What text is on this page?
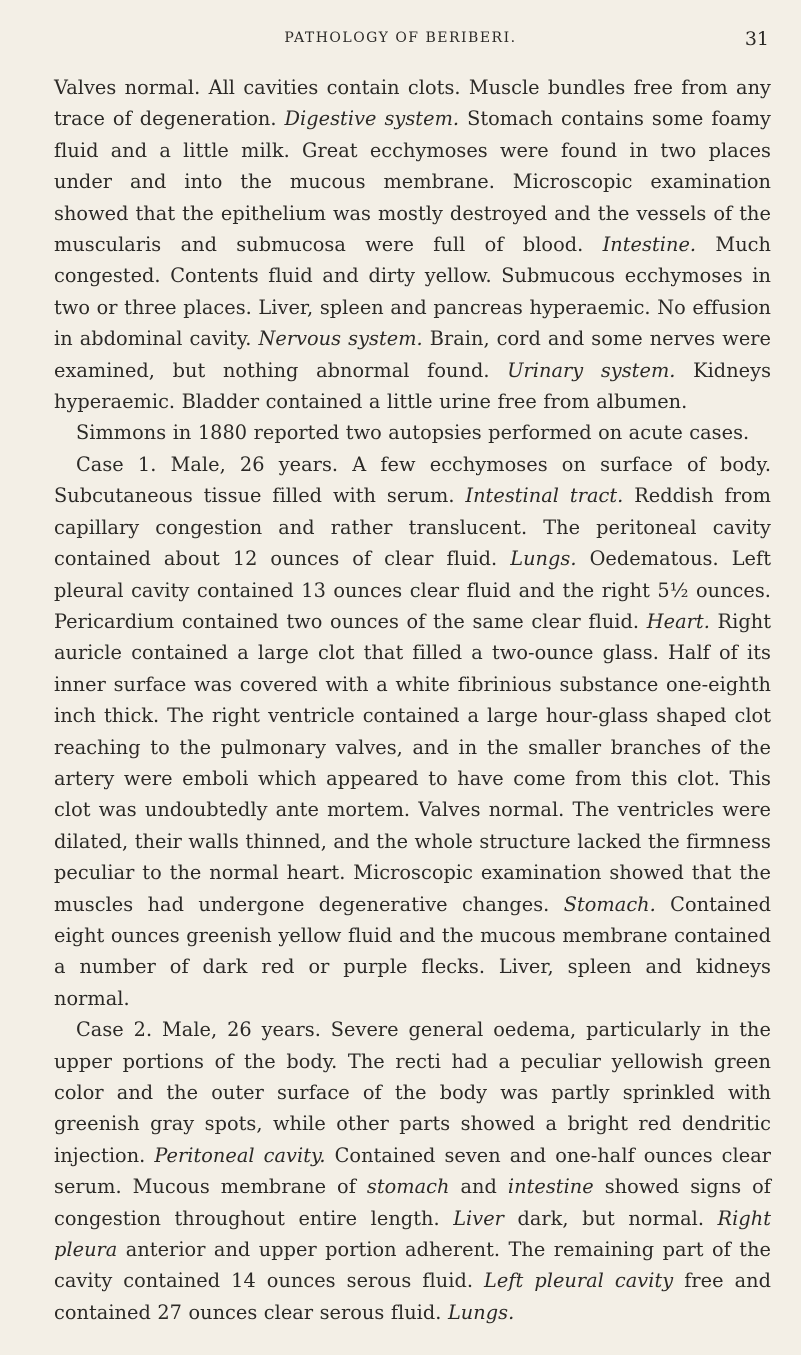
PATHOLOGY OF BERIBERI.	31

Valves normal. All cavities contain clots. Muscle bundles free from any trace of degeneration. Digestive system. Stomach contains some foamy fluid and a little milk. Great ecchymoses were found in two places under and into the mucous membrane. Microscopic examination showed that the epithelium was mostly destroyed and the vessels of the muscularis and submucosa were full of blood. Intestine. Much congested. Contents fluid and dirty yellow. Submucous ecchymoses in two or three places. Liver, spleen and pancreas hyperaemic. No effusion in abdominal cavity. Nervous system. Brain, cord and some nerves were examined, but nothing abnormal found. Urinary system. Kidneys hyperaemic. Bladder contained a little urine free from albumen.

Simmons in 1880 reported two autopsies performed on acute cases.

Case 1. Male, 26 years. A few ecchymoses on surface of body. Subcutaneous tissue filled with serum. Intestinal tract. Reddish from capillary congestion and rather translucent. The peritoneal cavity contained about 12 ounces of clear fluid. Lungs. Oedematous. Left pleural cavity contained 13 ounces clear fluid and the right 5½ ounces. Pericardium contained two ounces of the same clear fluid. Heart. Right auricle contained a large clot that filled a two-ounce glass. Half of its inner surface was covered with a white fibrinious substance one-eighth inch thick. The right ventricle contained a large hour-glass shaped clot reaching to the pulmonary valves, and in the smaller branches of the artery were emboli which appeared to have come from this clot. This clot was undoubtedly ante mortem. Valves normal. The ventricles were dilated, their walls thinned, and the whole structure lacked the firmness peculiar to the normal heart. Microscopic examination showed that the muscles had undergone degenerative changes. Stomach. Contained eight ounces greenish yellow fluid and the mucous membrane contained a number of dark red or purple flecks. Liver, spleen and kidneys normal.

Case 2. Male, 26 years. Severe general oedema, particularly in the upper portions of the body. The recti had a peculiar yellowish green color and the outer surface of the body was partly sprinkled with greenish gray spots, while other parts showed a bright red dendritic injection. Peritoneal cavity. Contained seven and one-half ounces clear serum. Mucous membrane of stomach and intestine showed signs of congestion throughout entire length. Liver dark, but normal. Right pleura anterior and upper portion adherent. The remaining part of the cavity contained 14 ounces serous fluid. Left pleural cavity free and contained 27 ounces clear serous fluid. Lungs.
